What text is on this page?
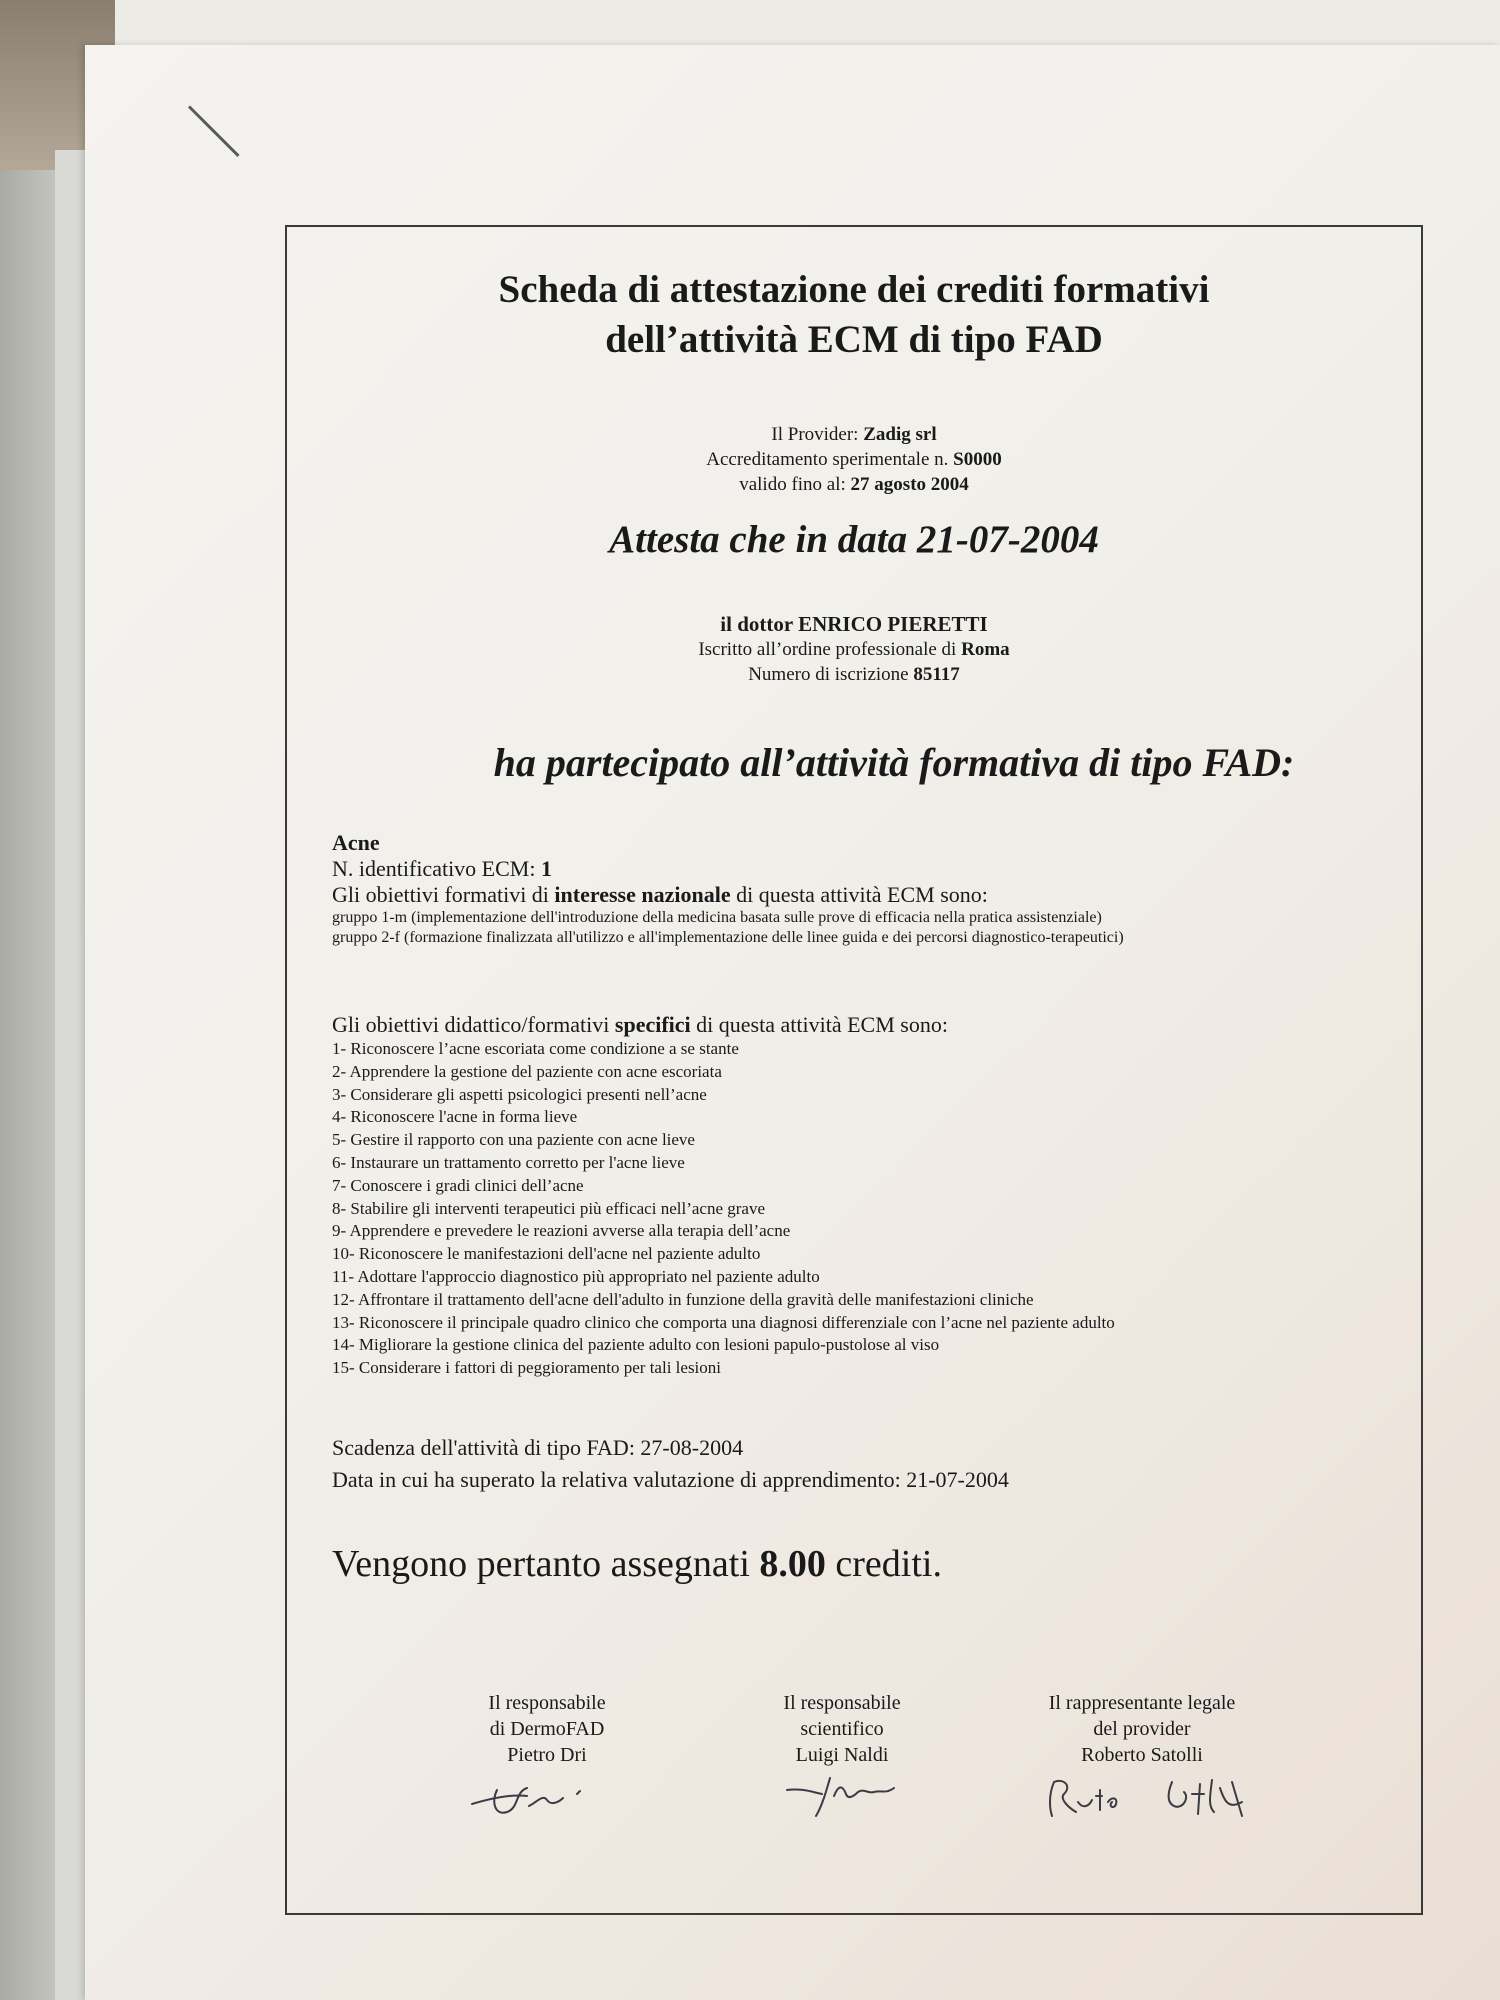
Scheda di attestazione dei crediti formativi
dell’attività ECM di tipo FAD
Il Provider: Zadig srl
Accreditamento sperimentale n. S0000
valido fino al: 27 agosto 2004
Attesta che in data 21-07-2004
il dottor ENRICO PIERETTI
Iscritto all’ordine professionale di Roma
Numero di iscrizione 85117
ha partecipato all’attività formativa di tipo FAD:
Acne
N. identificativo ECM: 1
Gli obiettivi formativi di interesse nazionale di questa attività ECM sono:
gruppo 1-m (implementazione dell'introduzione della medicina basata sulle prove di efficacia nella pratica assistenziale)
gruppo 2-f (formazione finalizzata all'utilizzo e all'implementazione delle linee guida e dei percorsi diagnostico-terapeutici)
Gli obiettivi didattico/formativi specifici di questa attività ECM sono:
1- Riconoscere l’acne escoriata come condizione a se stante
2- Apprendere la gestione del paziente con acne escoriata
3- Considerare gli aspetti psicologici presenti nell’acne
4- Riconoscere l'acne in forma lieve
5- Gestire il rapporto con una paziente con acne lieve
6- Instaurare un trattamento corretto per l'acne lieve
7- Conoscere i gradi clinici dell’acne
8- Stabilire gli interventi terapeutici più efficaci nell’acne grave
9- Apprendere e prevedere le reazioni avverse alla terapia dell’acne
10- Riconoscere le manifestazioni dell'acne nel paziente adulto
11- Adottare l'approccio diagnostico più appropriato nel paziente adulto
12- Affrontare il trattamento dell'acne dell'adulto in funzione della gravità delle manifestazioni cliniche
13- Riconoscere il principale quadro clinico che comporta una diagnosi differenziale con l’acne nel paziente adulto
14- Migliorare la gestione clinica del paziente adulto con lesioni papulo-pustolose al viso
15- Considerare i fattori di peggioramento per tali lesioni
Scadenza dell'attività di tipo FAD: 27-08-2004
Data in cui ha superato la relativa valutazione di apprendimento: 21-07-2004
Vengono pertanto assegnati 8.00 crediti.
Il responsabile
di DermoFAD
Pietro Dri
Il responsabile
scientifico
Luigi Naldi
Il rappresentante legale
del provider
Roberto Satolli
